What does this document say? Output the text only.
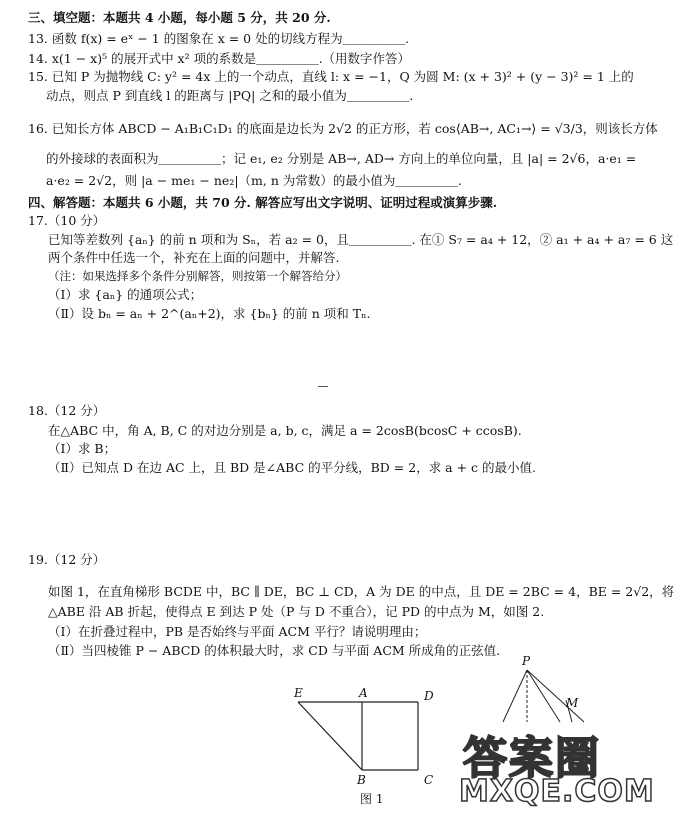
三、填空题：本题共 4 小题，每小题 5 分，共 20 分.
13. 函数 f(x) = eˣ − 1 的图象在 x = 0 处的切线方程为＿＿＿＿＿.
14. x(1 − x)⁵ 的展开式中 x² 项的系数是＿＿＿＿＿.（用数字作答）
15. 已知 P 为抛物线 C: y² = 4x 上的一个动点，直线 l: x = −1，Q 为圆 M: (x + 3)² + (y − 3)² = 1 上的
动点，则点 P 到直线 l 的距离与 |PQ| 之和的最小值为＿＿＿＿＿.
16. 已知长方体 ABCD − A₁B₁C₁D₁ 的底面是边长为 2√2 的正方形，若 cos⟨AB→, AC₁→⟩ = √3/3，则该长方体
的外接球的表面积为＿＿＿＿＿；记 e₁, e₂ 分别是 AB→, AD→ 方向上的单位向量，且 |a| = 2√6，a·e₁ =
a·e₂ = 2√2，则 |a − me₁ − ne₂|（m, n 为常数）的最小值为＿＿＿＿＿.
四、解答题：本题共 6 小题，共 70 分. 解答应写出文字说明、证明过程或演算步骤.
17.（10 分）
已知等差数列 {aₙ} 的前 n 项和为 Sₙ，若 a₂ = 0，且＿＿＿＿＿. 在① S₇ = a₄ + 12，② a₁ + a₄ + a₇ = 6 这
两个条件中任选一个，补充在上面的问题中，并解答.
（注：如果选择多个条件分别解答，则按第一个解答给分）
（Ⅰ）求 {aₙ} 的通项公式；
（Ⅱ）设 bₙ = aₙ + 2^(aₙ+2)，求 {bₙ} 的前 n 项和 Tₙ.
18.（12 分）
在△ABC 中，角 A, B, C 的对边分别是 a, b, c，满足 a = 2cosB(bcosC + ccosB).
（Ⅰ）求 B；
（Ⅱ）已知点 D 在边 AC 上，且 BD 是∠ABC 的平分线，BD = 2，求 a + c 的最小值.
19.（12 分）
如图 1，在直角梯形 BCDE 中，BC ∥ DE，BC ⊥ CD，A 为 DE 的中点，且 DE = 2BC = 4，BE = 2√2，将
△ABE 沿 AB 折起，使得点 E 到达 P 处（P 与 D 不重合），记 PD 的中点为 M，如图 2.
（Ⅰ）在折叠过程中，PB 是否始终与平面 ACM 平行？请说明理由；
（Ⅱ）当四棱锥 P − ABCD 的体积最大时，求 CD 与平面 ACM 所成角的正弦值.
E	A	D
B	C
图 1
P
M
答案圈
MXQE.COM
